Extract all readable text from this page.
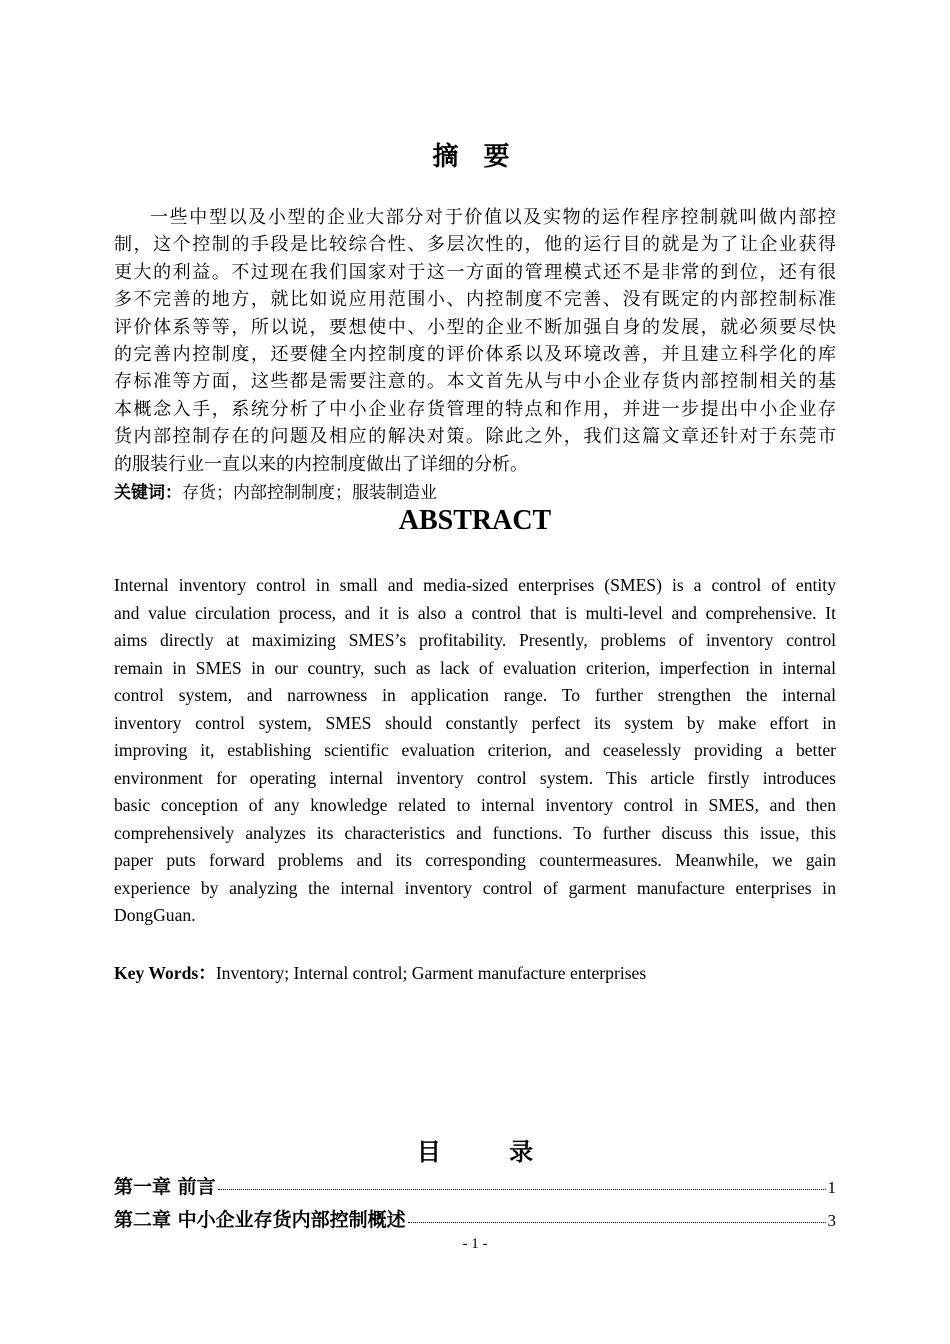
摘 要
一些中型以及小型的企业大部分对于价值以及实物的运作程序控制就叫做内部控
制，这个控制的手段是比较综合性、多层次性的，他的运行目的就是为了让企业获得
更大的利益。不过现在我们国家对于这一方面的管理模式还不是非常的到位，还有很
多不完善的地方，就比如说应用范围小、内控制度不完善、没有既定的内部控制标准
评价体系等等，所以说，要想使中、小型的企业不断加强自身的发展，就必须要尽快
的完善内控制度，还要健全内控制度的评价体系以及环境改善，并且建立科学化的库
存标准等方面，这些都是需要注意的。本文首先从与中小企业存货内部控制相关的基
本概念入手，系统分析了中小企业存货管理的特点和作用，并进一步提出中小企业存
货内部控制存在的问题及相应的解决对策。除此之外，我们这篇文章还针对于东莞市
的服装行业一直以来的内控制度做出了详细的分析。
关键词：存货；内部控制制度；服装制造业
ABSTRACT
Internal inventory control in small and media-sized enterprises (SMES) is a control of entity
and value circulation process, and it is also a control that is multi-level and comprehensive. It
aims directly at maximizing SMES’s profitability. Presently, problems of inventory control
remain in SMES in our country, such as lack of evaluation criterion, imperfection in internal
control system, and narrowness in application range. To further strengthen the internal
inventory control system, SMES should constantly perfect its system by make effort in
improving it, establishing scientific evaluation criterion, and ceaselessly providing a better
environment for operating internal inventory control system. This article firstly introduces
basic conception of any knowledge related to internal inventory control in SMES, and then
comprehensively analyzes its characteristics and functions. To further discuss this issue, this
paper puts forward problems and its corresponding countermeasures. Meanwhile, we gain
experience by analyzing the internal inventory control of garment manufacture enterprises in
DongGuan.
Key Words：Inventory; Internal control; Garment manufacture enterprises
目 录
第一章 前言	1
第二章 中小企业存货内部控制概述	3
- 1 -
